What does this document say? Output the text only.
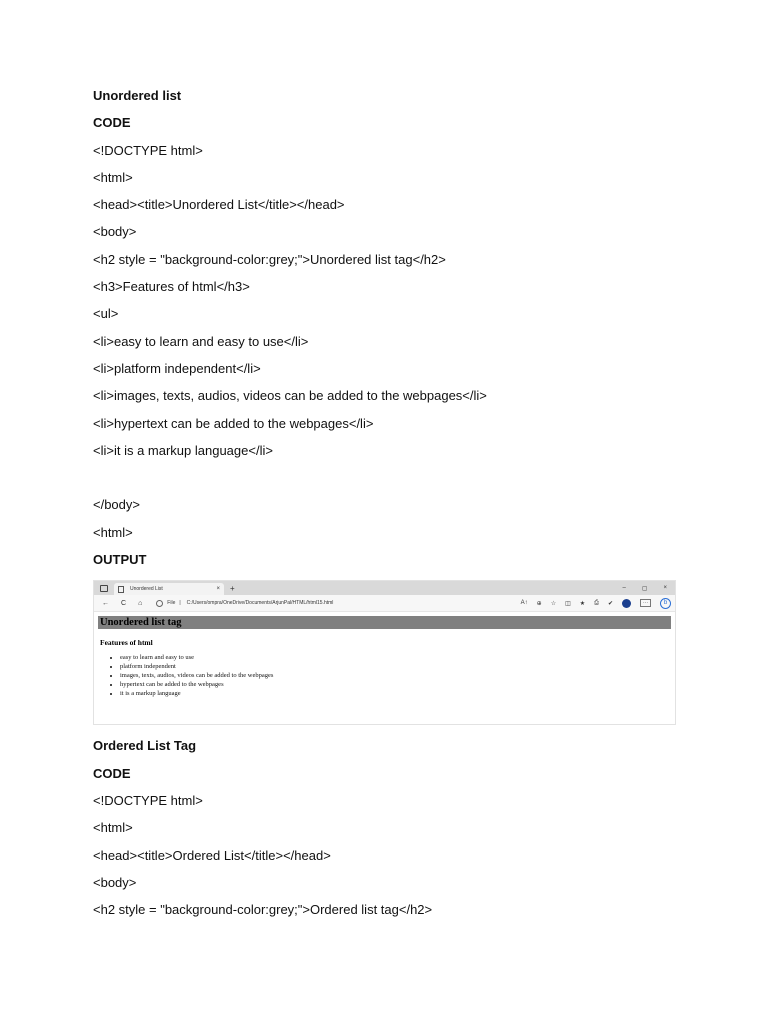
Unordered list
CODE
<!DOCTYPE html>
<html>
<head><title>Unordered List</title></head>
<body>
<h2 style = "background-color:grey;">Unordered list tag</h2>
<h3>Features of html</h3>
<ul>
<li>easy to learn and easy to use</li>
<li>platform independent</li>
<li>images, texts, audios, videos can be added to the webpages</li>
<li>hypertext can be added to the webpages</li>
<li>it is a markup language</li>
</body>
<html>
OUTPUT
Unordered List	× +	–	▢	×
← C ⌂	File | C:/Users/ompra/OneDrive/Documents/ArjunPal/HTML/html15.html	A↑ ⊕ ☆ ◫ ★ ⎙ ✔	···	b
Unordered list tag
Features of html
• easy to learn and easy to use
• platform independent
• images, texts, audios, videos can be added to the webpages
• hypertext can be added to the webpages
• it is a markup language
Ordered List Tag
CODE
<!DOCTYPE html>
<html>
<head><title>Ordered List</title></head>
<body>
<h2 style = "background-color:grey;">Ordered list tag</h2>
